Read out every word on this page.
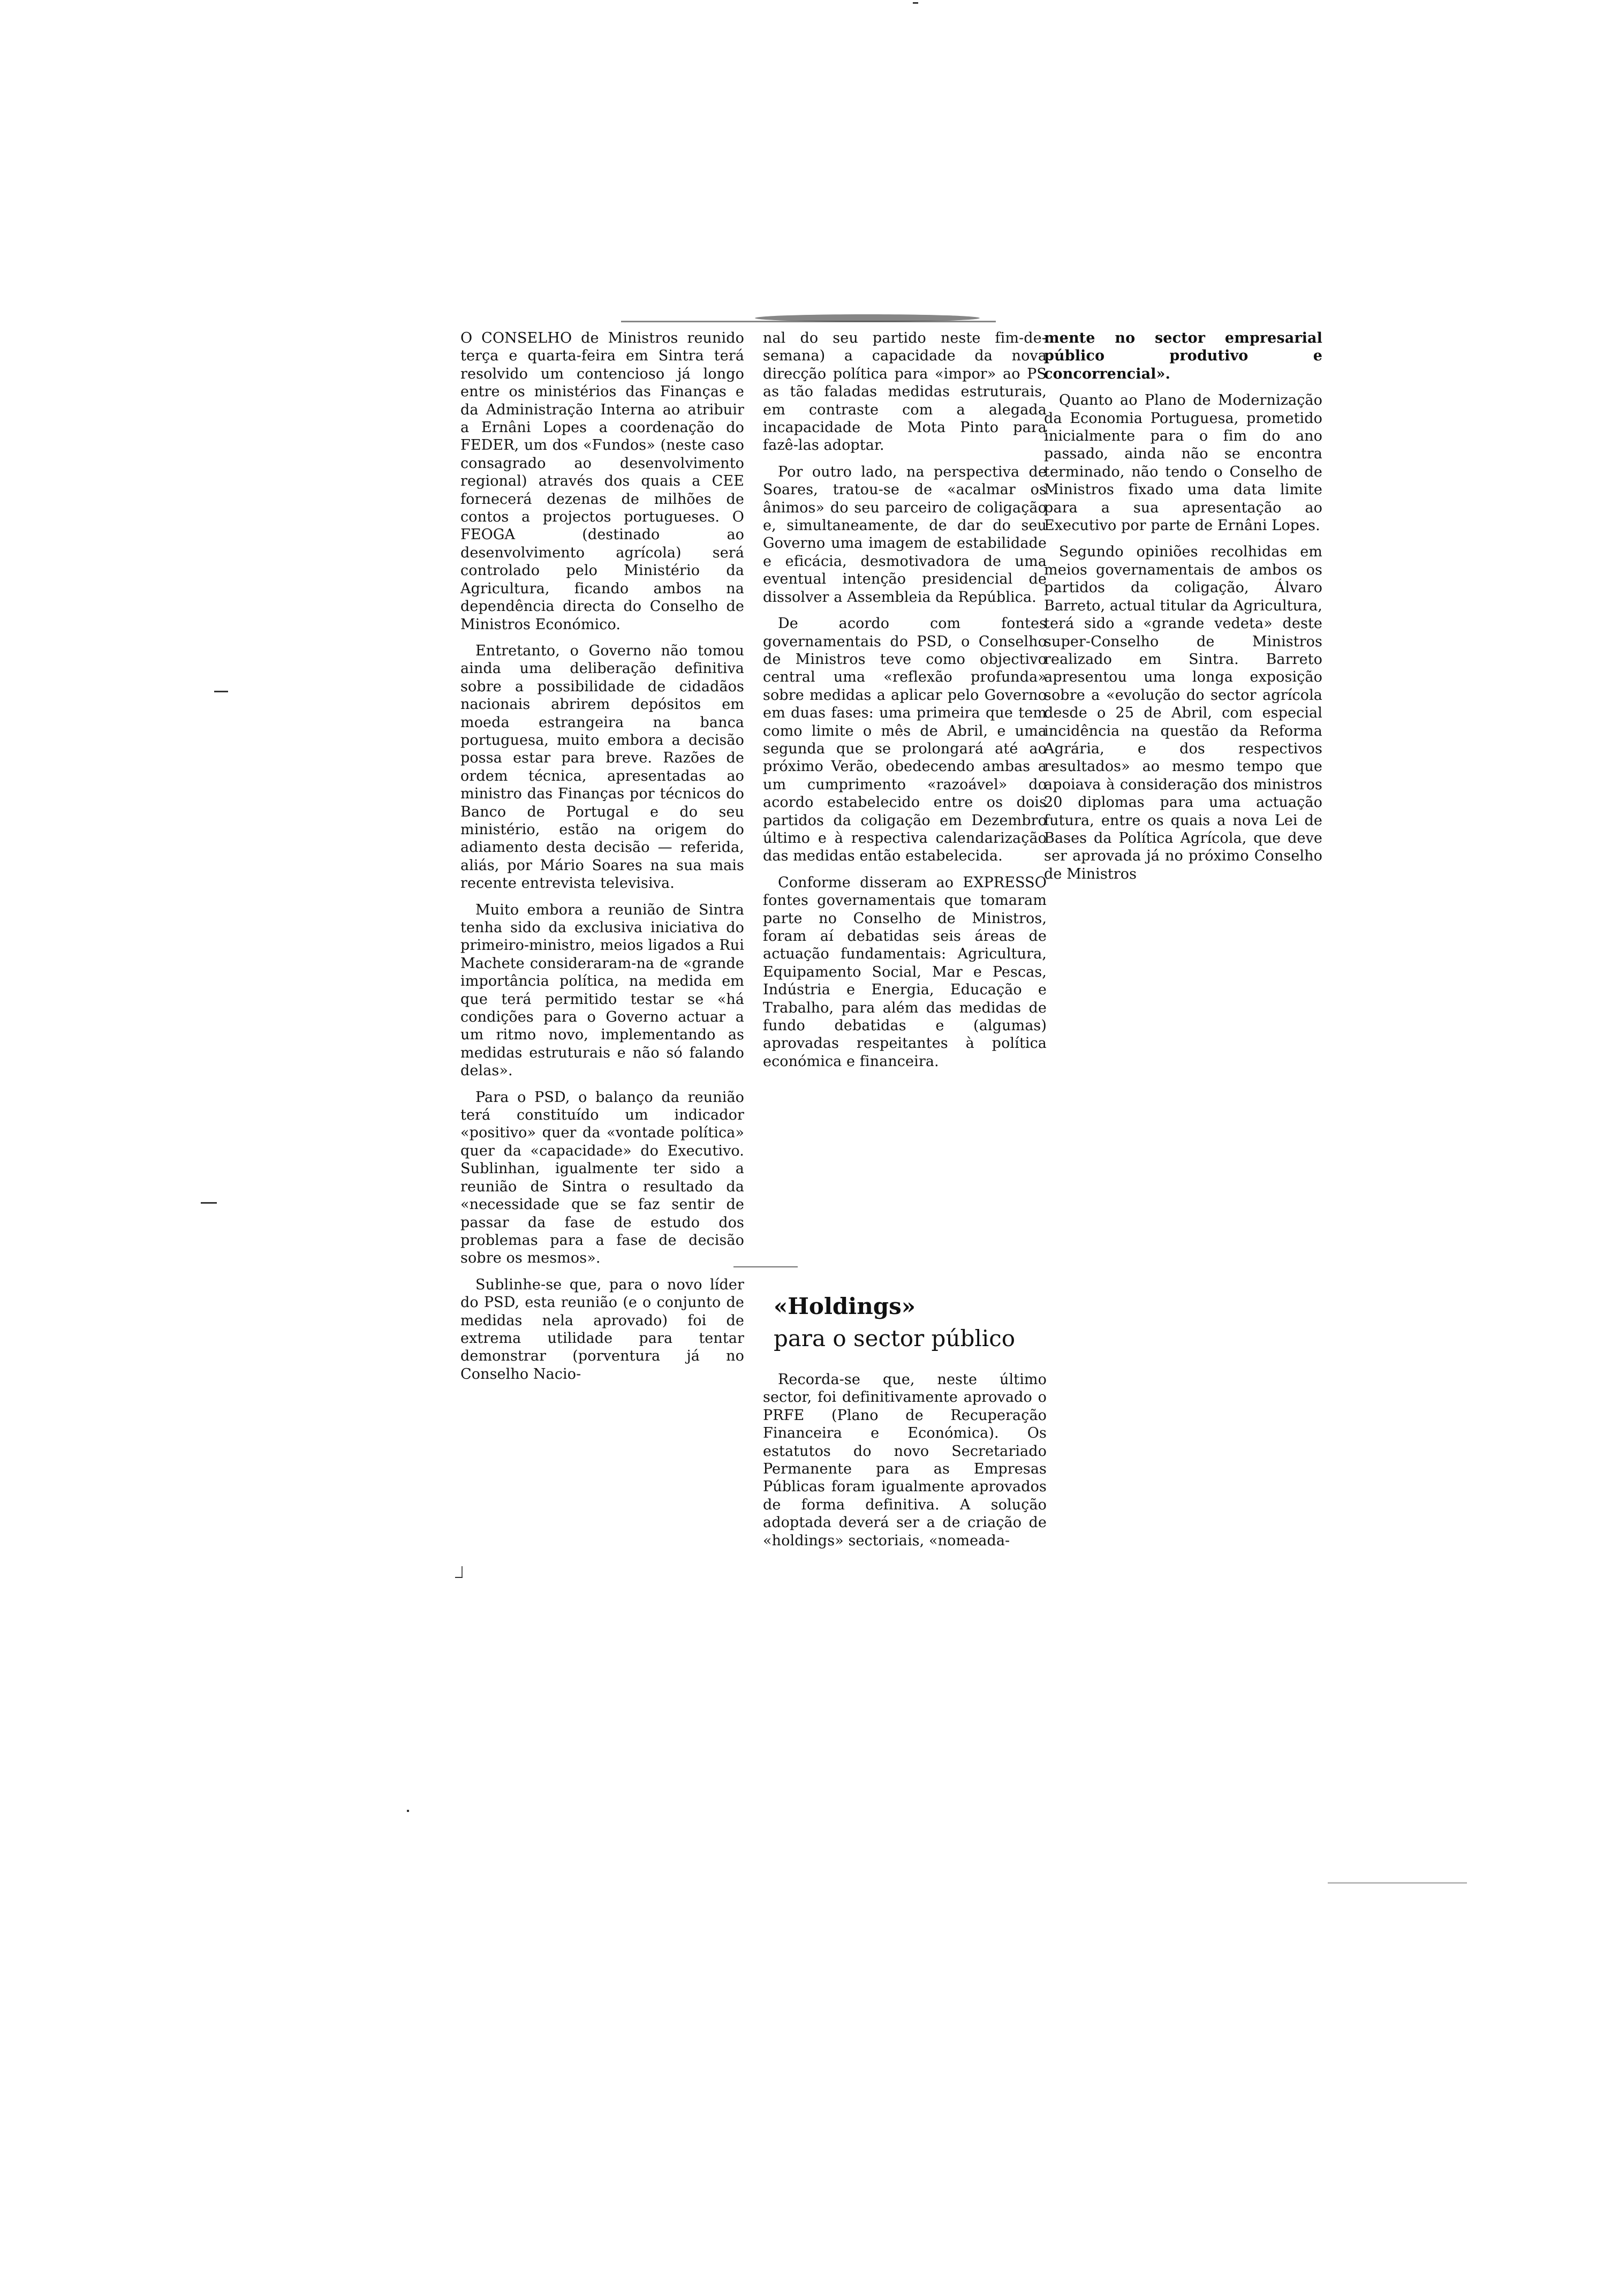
O CONSELHO de Ministros reunido terça e quarta-feira em Sintra terá resolvido um contencioso já longo entre os ministérios das Finanças e da Administração Interna ao atribuir a Ernâni Lopes a coordenação do FEDER, um dos «Fundos» (neste caso consagrado ao desenvolvimento regional) através dos quais a CEE fornecerá dezenas de milhões de contos a projectos portugueses. O FEOGA (destinado ao desenvolvimento agrícola) será controlado pelo Ministério da Agricultura, ficando ambos na dependência directa do Conselho de Ministros Económico.

Entretanto, o Governo não tomou ainda uma deliberação definitiva sobre a possibilidade de cidadãos nacionais abrirem depósitos em moeda estrangeira na banca portuguesa, muito embora a decisão possa estar para breve. Razões de ordem técnica, apresentadas ao ministro das Finanças por técnicos do Banco de Portugal e do seu ministério, estão na origem do adiamento desta decisão — referida, aliás, por Mário Soares na sua mais recente entrevista televisiva.

Muito embora a reunião de Sintra tenha sido da exclusiva iniciativa do primeiro-ministro, meios ligados a Rui Machete consideraram-na de «grande importância política, na medida em que terá permitido testar se «há condições para o Governo actuar a um ritmo novo, implementando as medidas estruturais e não só falando delas».

Para o PSD, o balanço da reunião terá constituído um indicador «positivo» quer da «vontade política» quer da «capacidade» do Executivo. Sublinhan, igualmente ter sido a reunião de Sintra o resultado da «necessidade que se faz sentir de passar da fase de estudo dos problemas para a fase de decisão sobre os mesmos».

Sublinhe-se que, para o novo líder do PSD, esta reunião (e o conjunto de medidas nela aprovado) foi de extrema utilidade para tentar demonstrar (porventura já no Conselho Nacio-

nal do seu partido neste fim-de-semana) a capacidade da nova direcção política para «impor» ao PS as tão faladas medidas estruturais, em contraste com a alegada incapacidade de Mota Pinto para fazê-las adoptar.

Por outro lado, na perspectiva de Soares, tratou-se de «acalmar os ânimos» do seu parceiro de coligação e, simultaneamente, de dar do seu Governo uma imagem de estabilidade e eficácia, desmotivadora de uma eventual intenção presidencial de dissolver a Assembleia da República.

De acordo com fontes governamentais do PSD, o Conselho de Ministros teve como objectivo central uma «reflexão profunda» sobre medidas a aplicar pelo Governo em duas fases: uma primeira que tem como limite o mês de Abril, e uma segunda que se prolongará até ao próximo Verão, obedecendo ambas a um cumprimento «razoável» do acordo estabelecido entre os dois partidos da coligação em Dezembro último e à respectiva calendarização das medidas então estabelecida.

Conforme disseram ao EXPRESSO fontes governamentais que tomaram parte no Conselho de Ministros, foram aí debatidas seis áreas de actuação fundamentais: Agricultura, Equipamento Social, Mar e Pescas, Indústria e Energia, Educação e Trabalho, para além das medidas de fundo debatidas e (algumas) aprovadas respeitantes à política económica e financeira.

«Holdings»
para o sector público

Recorda-se que, neste último sector, foi definitivamente aprovado o PRFE (Plano de Recuperação Financeira e Económica). Os estatutos do novo Secretariado Permanente para as Empresas Públicas foram igualmente aprovados de forma definitiva. A solução adoptada deverá ser a de criação de «holdings» sectoriais, «nomeada-

mente no sector empresarial público produtivo e concorrencial».

Quanto ao Plano de Modernização da Economia Portuguesa, prometido inicialmente para o fim do ano passado, ainda não se encontra terminado, não tendo o Conselho de Ministros fixado uma data limite para a sua apresentação ao Executivo por parte de Ernâni Lopes.

Segundo opiniões recolhidas em meios governamentais de ambos os partidos da coligação, Álvaro Barreto, actual titular da Agricultura, terá sido a «grande vedeta» deste super-Conselho de Ministros realizado em Sintra. Barreto apresentou uma longa exposição sobre a «evolução do sector agrícola desde o 25 de Abril, com especial incidência na questão da Reforma Agrária, e dos respectivos resultados» ao mesmo tempo que apoiava à consideração dos ministros 20 diplomas para uma actuação futura, entre os quais a nova Lei de Bases da Política Agrícola, que deve ser aprovada já no próximo Conselho de Ministros
